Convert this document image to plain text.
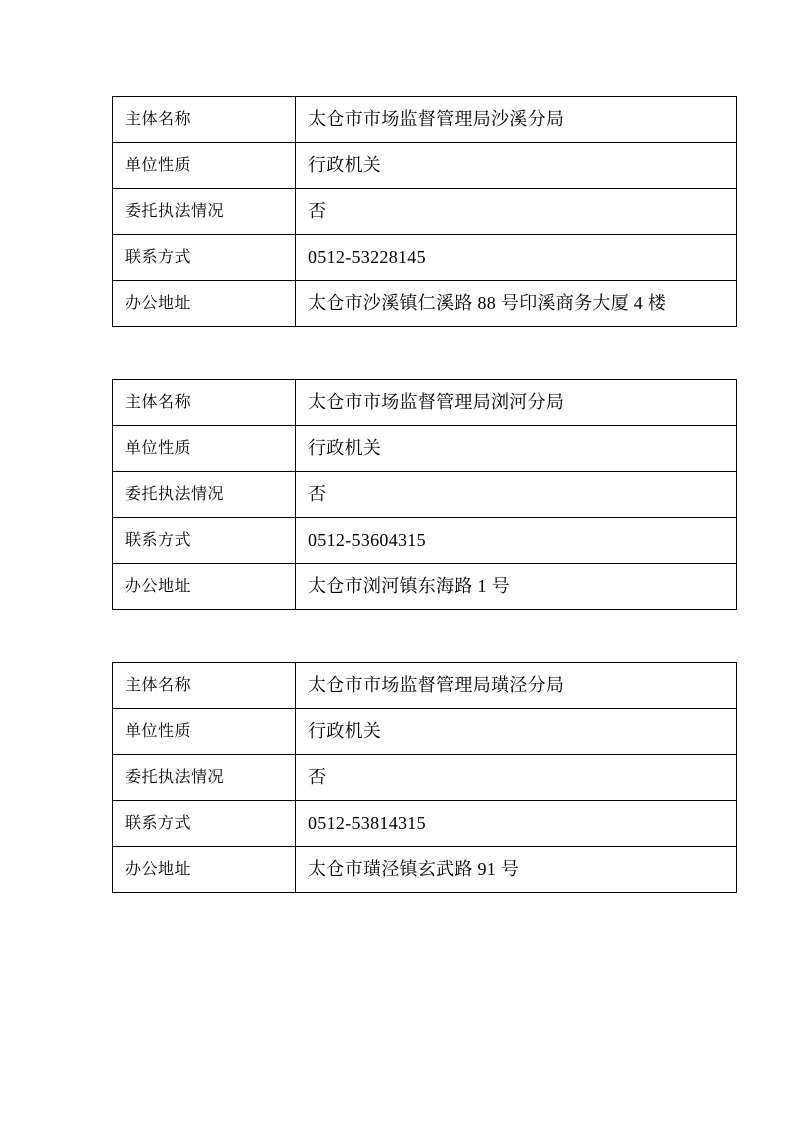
主体名称	太仓市市场监督管理局沙溪分局
单位性质	行政机关
委托执法情况	否
联系方式	0512-53228145
办公地址	太仓市沙溪镇仁溪路 88 号印溪商务大厦 4 楼
主体名称	太仓市市场监督管理局浏河分局
单位性质	行政机关
委托执法情况	否
联系方式	0512-53604315
办公地址	太仓市浏河镇东海路 1 号
主体名称	太仓市市场监督管理局璜泾分局
单位性质	行政机关
委托执法情况	否
联系方式	0512-53814315
办公地址	太仓市璜泾镇玄武路 91 号
